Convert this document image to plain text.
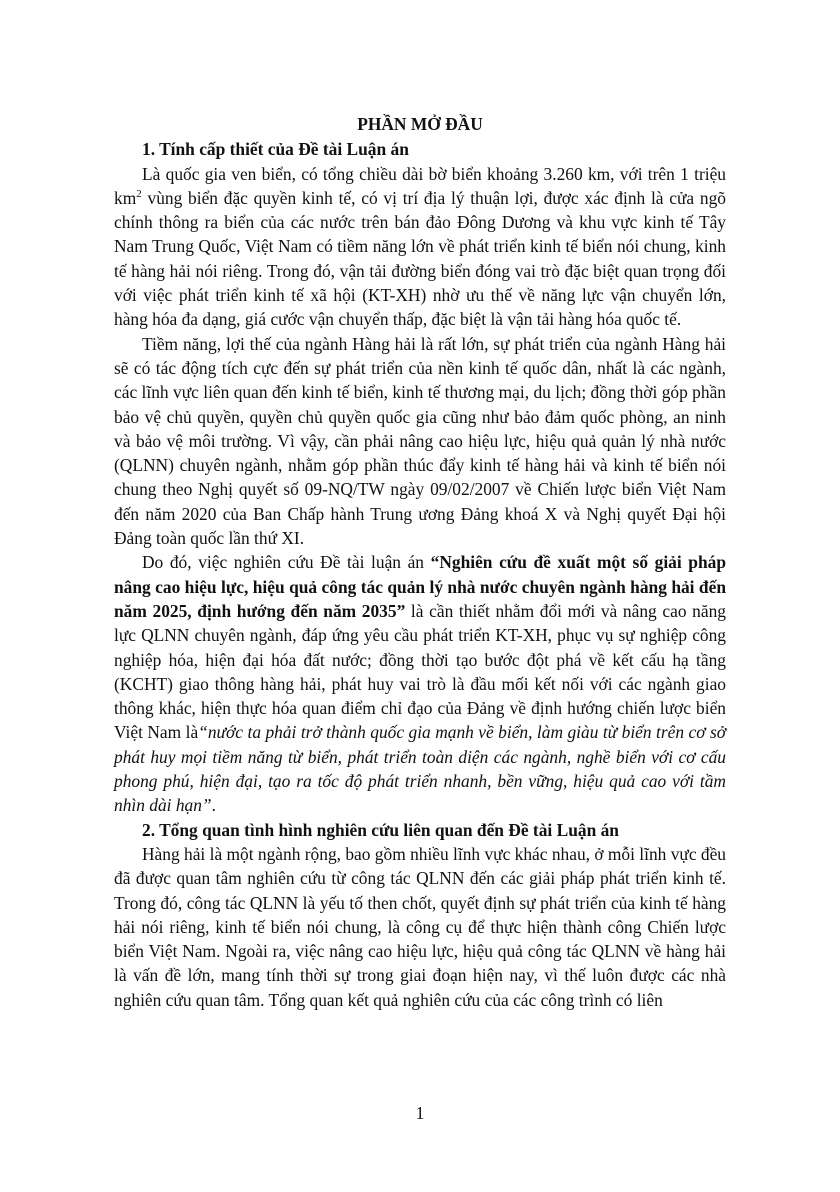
PHẦN MỞ ĐẦU
1. Tính cấp thiết của Đề tài Luận án

Là quốc gia ven biển, có tổng chiều dài bờ biển khoảng 3.260 km, với trên 1 triệu $km^2$ vùng biển đặc quyền kinh tế, có vị trí địa lý thuận lợi, được xác định là cửa ngõ chính thông ra biển của các nước trên bán đảo Đông Dương và khu vực kinh tế Tây Nam Trung Quốc, Việt Nam có tiềm năng lớn về phát triển kinh tế biển nói chung, kinh tế hàng hải nói riêng. Trong đó, vận tải đường biển đóng vai trò đặc biệt quan trọng đối với việc phát triển kinh tế xã hội (KT-XH) nhờ ưu thế về năng lực vận chuyển lớn, hàng hóa đa dạng, giá cước vận chuyển thấp, đặc biệt là vận tải hàng hóa quốc tế.

Tiềm năng, lợi thế của ngành Hàng hải là rất lớn, sự phát triển của ngành Hàng hải sẽ có tác động tích cực đến sự phát triển của nền kinh tế quốc dân, nhất là các ngành, các lĩnh vực liên quan đến kinh tế biển, kinh tế thương mại, du lịch; đồng thời góp phần bảo vệ chủ quyền, quyền chủ quyền quốc gia cũng như bảo đảm quốc phòng, an ninh và bảo vệ môi trường. Vì vậy, cần phải nâng cao hiệu lực, hiệu quả quản lý nhà nước (QLNN) chuyên ngành, nhằm góp phần thúc đẩy kinh tế hàng hải và kinh tế biển nói chung theo Nghị quyết số 09-NQ/TW ngày 09/02/2007 về Chiến lược biển Việt Nam đến năm 2020 của Ban Chấp hành Trung ương Đảng khoá X và Nghị quyết Đại hội Đảng toàn quốc lần thứ XI.

Do đó, việc nghiên cứu Đề tài luận án “Nghiên cứu đề xuất một số giải pháp nâng cao hiệu lực, hiệu quả công tác quản lý nhà nước chuyên ngành hàng hải đến năm 2025, định hướng đến năm 2035” là cần thiết nhằm đổi mới và nâng cao năng lực QLNN chuyên ngành, đáp ứng yêu cầu phát triển KT-XH, phục vụ sự nghiệp công nghiệp hóa, hiện đại hóa đất nước; đồng thời tạo bước đột phá về kết cấu hạ tầng (KCHT) giao thông hàng hải, phát huy vai trò là đầu mối kết nối với các ngành giao thông khác, hiện thực hóa quan điểm chỉ đạo của Đảng về định hướng chiến lược biển Việt Nam là“nước ta phải trở thành quốc gia mạnh về biển, làm giàu từ biển trên cơ sở phát huy mọi tiềm năng từ biển, phát triển toàn diện các ngành, nghề biển với cơ cấu phong phú, hiện đại, tạo ra tốc độ phát triển nhanh, bền vững, hiệu quả cao với tầm nhìn dài hạn”.

2. Tổng quan tình hình nghiên cứu liên quan đến Đề tài Luận án

Hàng hải là một ngành rộng, bao gồm nhiều lĩnh vực khác nhau, ở mỗi lĩnh vực đều đã được quan tâm nghiên cứu từ công tác QLNN đến các giải pháp phát triển kinh tế. Trong đó, công tác QLNN là yếu tố then chốt, quyết định sự phát triển của kinh tế hàng hải nói riêng, kinh tế biển nói chung, là công cụ để thực hiện thành công Chiến lược biển Việt Nam. Ngoài ra, việc nâng cao hiệu lực, hiệu quả công tác QLNN về hàng hải là vấn đề lớn, mang tính thời sự trong giai đoạn hiện nay, vì thế luôn được các nhà nghiên cứu quan tâm. Tổng quan kết quả nghiên cứu của các công trình có liên

1
